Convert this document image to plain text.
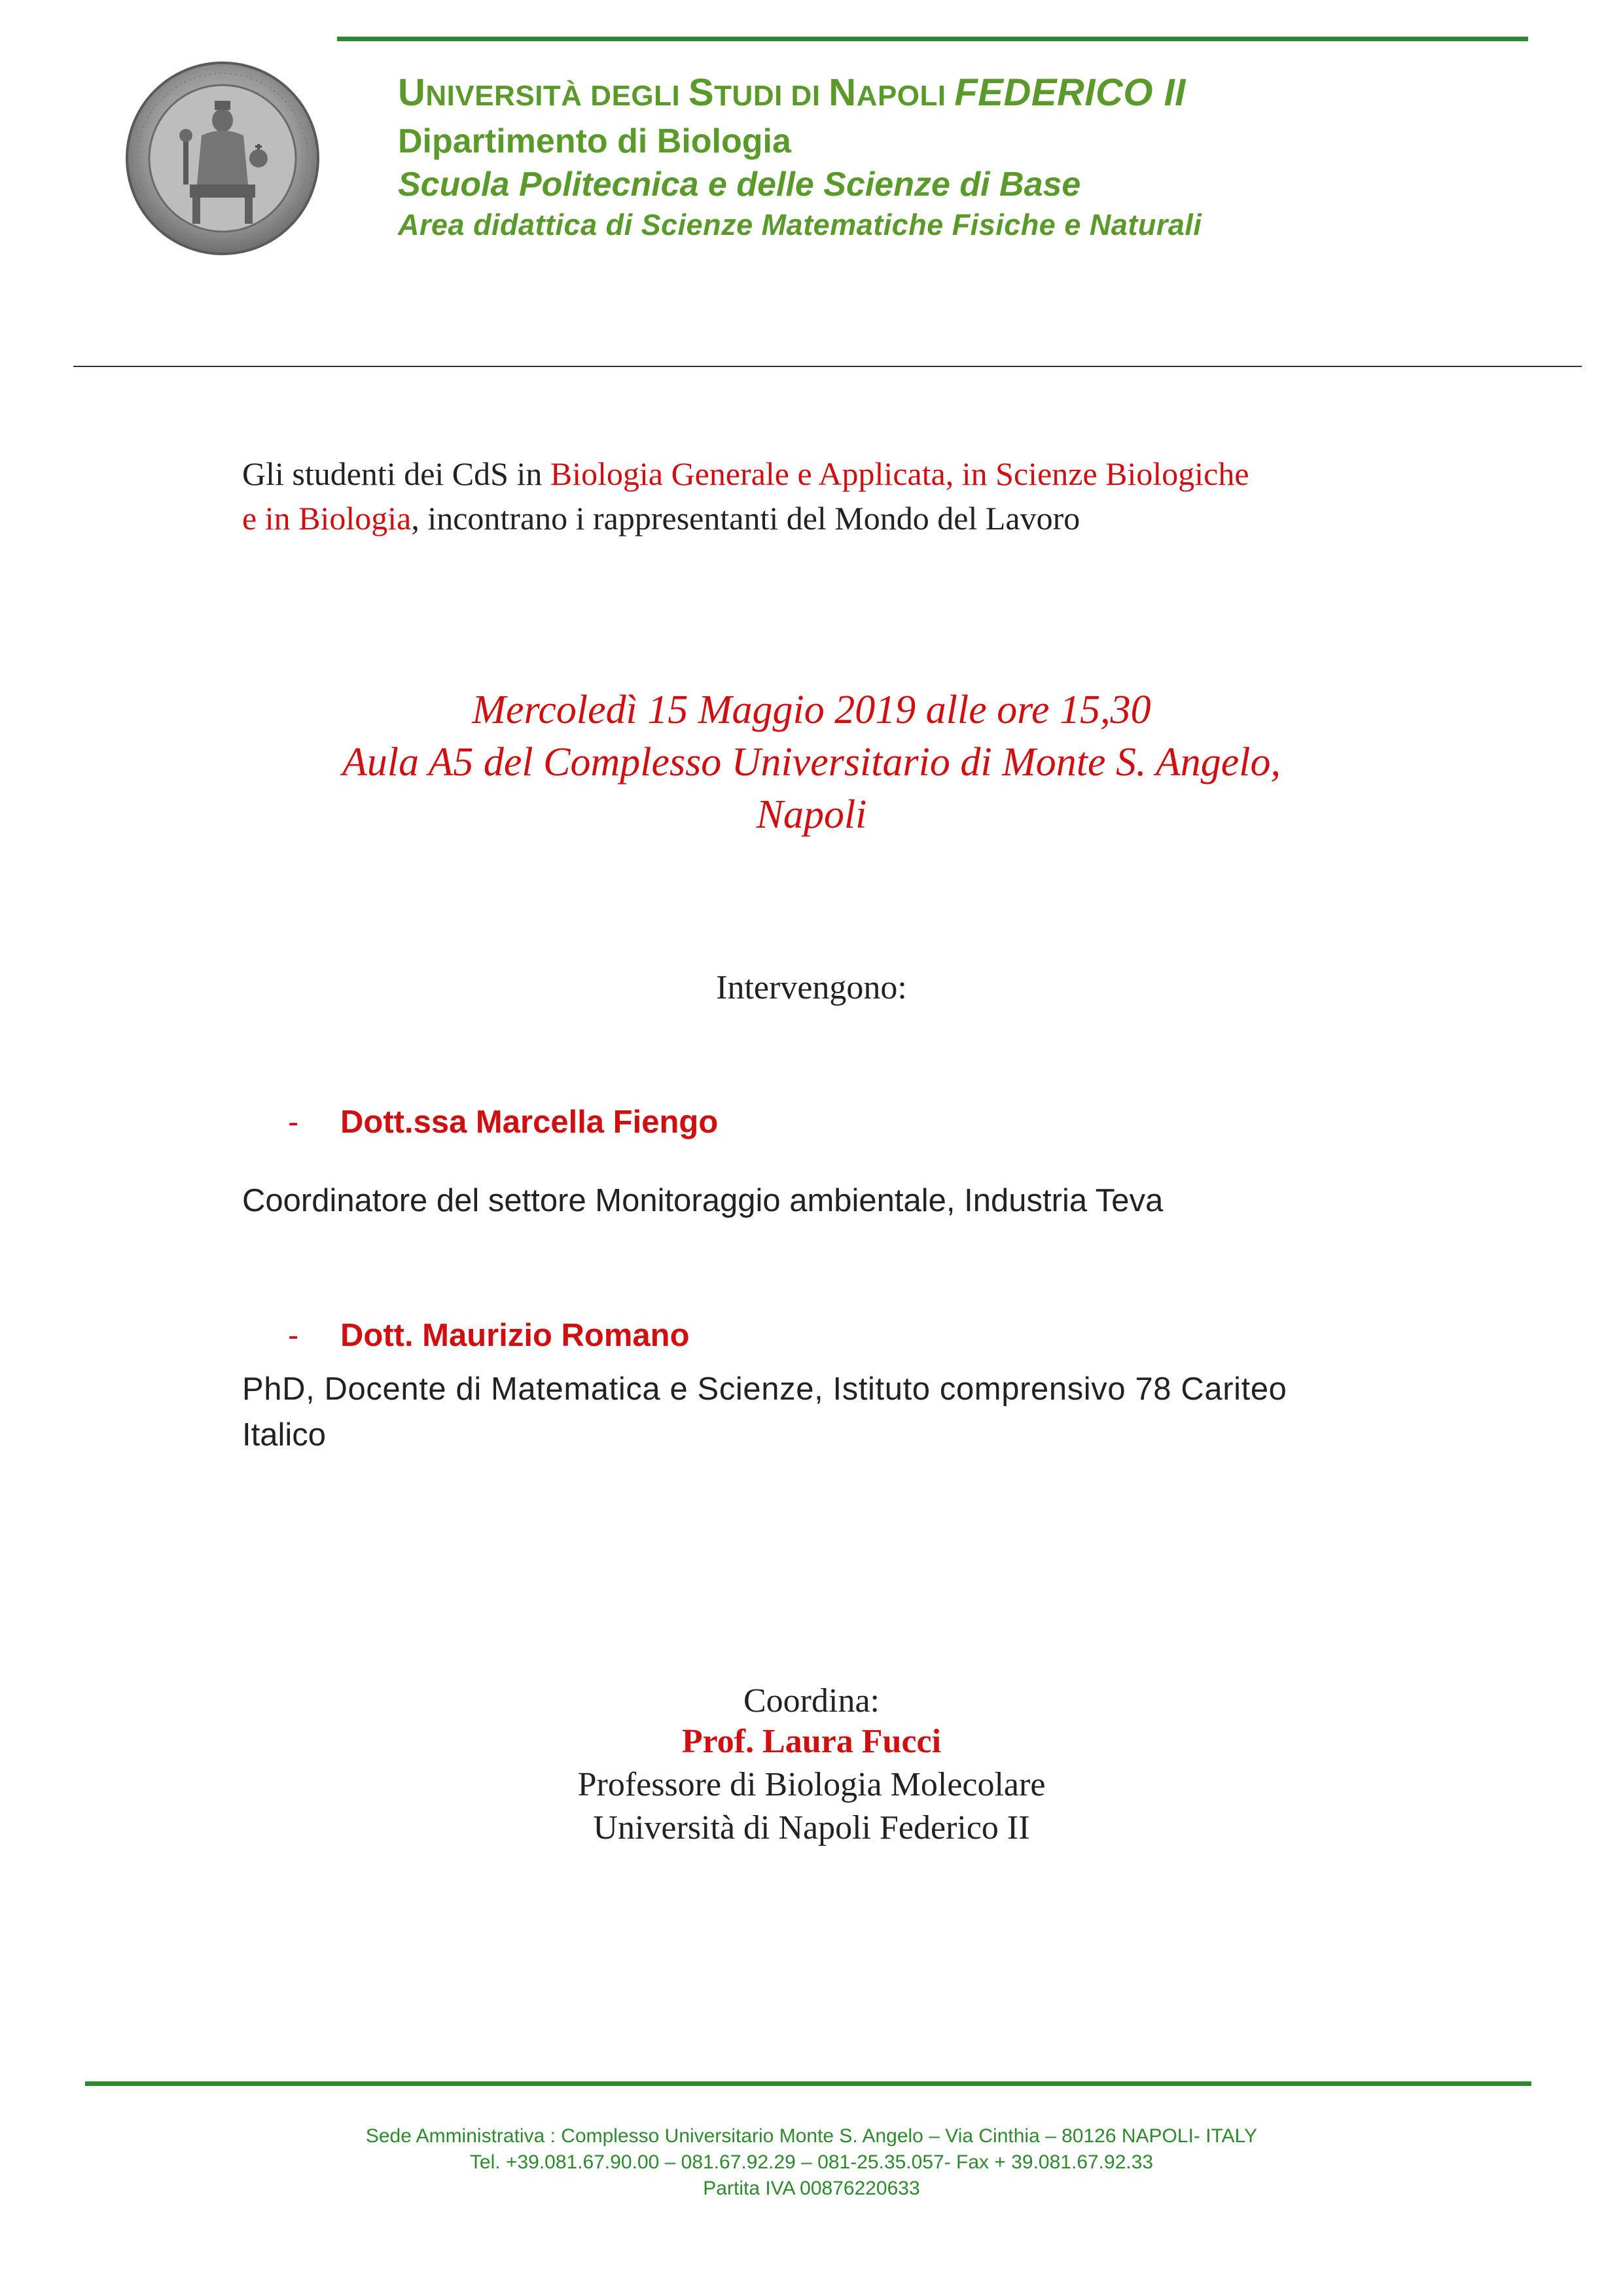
UNIVERSITÀ DEGLI STUDI DI NAPOLI FEDERICO II
Dipartimento di Biologia
Scuola Politecnica e delle Scienze di Base
Area didattica di Scienze Matematiche Fisiche e Naturali
Gli studenti dei CdS in Biologia Generale e Applicata, in Scienze Biologiche
e in Biologia, incontrano i rappresentanti del Mondo del Lavoro
Mercoledì 15 Maggio 2019 alle ore 15,30
Aula A5 del Complesso Universitario di Monte S. Angelo,
Napoli
Intervengono:
- Dott.ssa Marcella Fiengo
Coordinatore del settore Monitoraggio ambientale, Industria Teva
- Dott. Maurizio Romano
PhD, Docente di Matematica e Scienze, Istituto comprensivo 78 Cariteo
Italico
Coordina:
Prof. Laura Fucci
Professore di Biologia Molecolare
Università di Napoli Federico II
Sede Amministrativa : Complesso Universitario Monte S. Angelo – Via Cinthia – 80126 NAPOLI- ITALY
Tel. +39.081.67.90.00 – 081.67.92.29 – 081-25.35.057- Fax + 39.081.67.92.33
Partita IVA 00876220633
